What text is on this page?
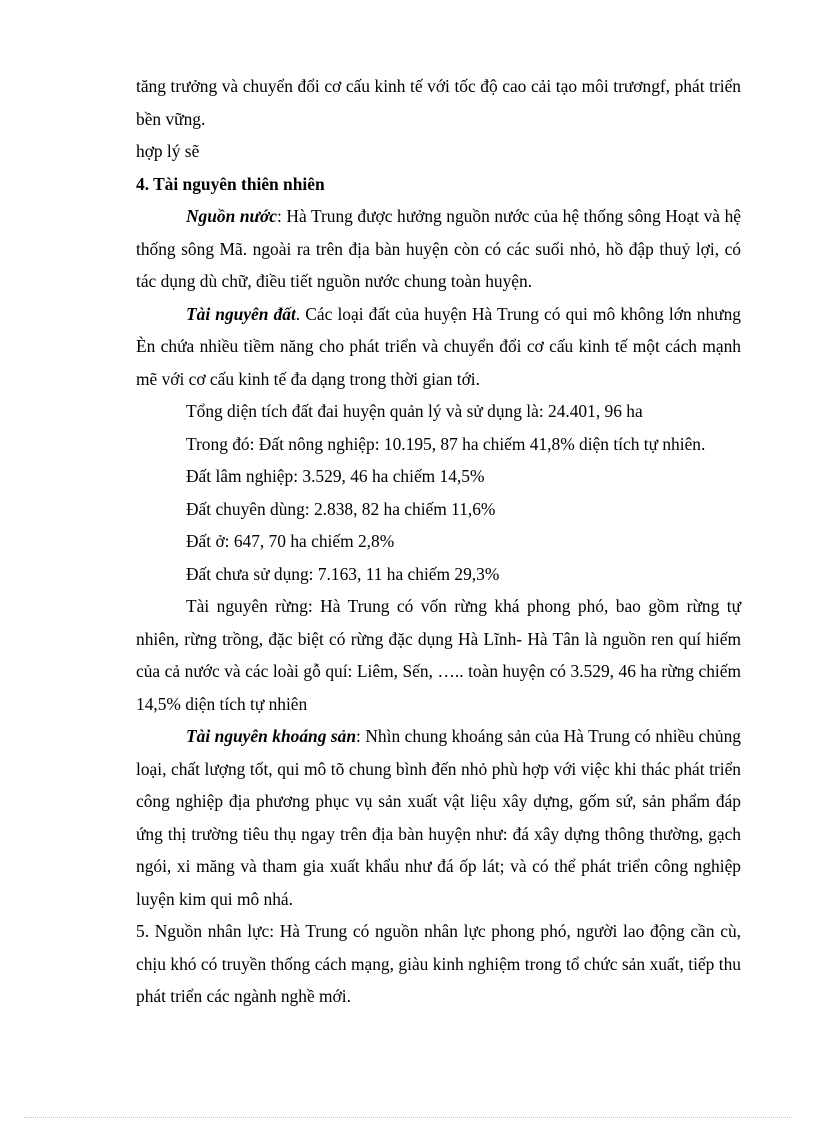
tăng trưởng và chuyển đổi cơ cấu kinh tế với tốc độ cao cải tạo môi trươngf, phát triển bền vững.

hợp lý sẽ

4. Tài nguyên thiên nhiên

Nguồn nước: Hà Trung được hưởng nguồn nước của hệ thống sông Hoạt và hệ thống sông Mã. ngoài ra trên địa bàn huyện còn có các suối nhỏ, hồ đập thuỷ lợi, có tác dụng dù chữ, điều tiết nguồn nước chung toàn huyện.

Tài nguyên đất. Các loại đất của huyện Hà Trung có qui mô không lớn nhưng Èn chứa nhiều tiềm năng cho phát triển và chuyển đổi cơ cấu kinh tế một cách mạnh mẽ với cơ cấu kinh tế đa dạng trong thời gian tới.

Tổng diện tích đất đai huyện quản lý và sử dụng là: 24.401, 96 ha

Trong đó: Đất nông nghiệp: 10.195, 87 ha chiếm 41,8% diện tích tự nhiên.

Đất lâm nghiệp: 3.529, 46 ha chiếm 14,5%

Đất chuyên dùng: 2.838, 82 ha chiếm 11,6%

Đất ở: 647, 70 ha chiếm 2,8%

Đất chưa sử dụng: 7.163, 11 ha chiếm 29,3%

Tài nguyên rừng: Hà Trung có vốn rừng khá phong phó, bao gồm rừng tự nhiên, rừng trồng, đặc biệt có rừng đặc dụng Hà Lĩnh- Hà Tân là nguồn ren quí hiếm của cả nước và các loài gỗ quí: Liêm, Sến, ….. toàn huyện có 3.529, 46 ha rừng chiếm 14,5% diện tích tự nhiên

Tài nguyên khoáng sản: Nhìn chung khoáng sản của Hà Trung có nhiều chủng loại, chất lượng tốt, qui mô tõ chung bình đến nhỏ phù hợp với việc khi thác phát triển công nghiệp địa phương phục vụ sản xuất vật liệu xây dựng, gốm sứ, sản phẩm đáp ứng thị trường tiêu thụ ngay trên địa bàn huyện như: đá xây dựng thông thường, gạch ngói, xi măng và tham gia xuất khẩu như đá ốp lát; và có thể phát triển công nghiệp luyện kim qui mô nhá.

5. Nguồn nhân lực: Hà Trung có nguồn nhân lực phong phó, người lao động cần cù, chịu khó có truyền thống cách mạng, giàu kinh nghiệm trong tổ chức sản xuất, tiếp thu phát triển các ngành nghề mới.
